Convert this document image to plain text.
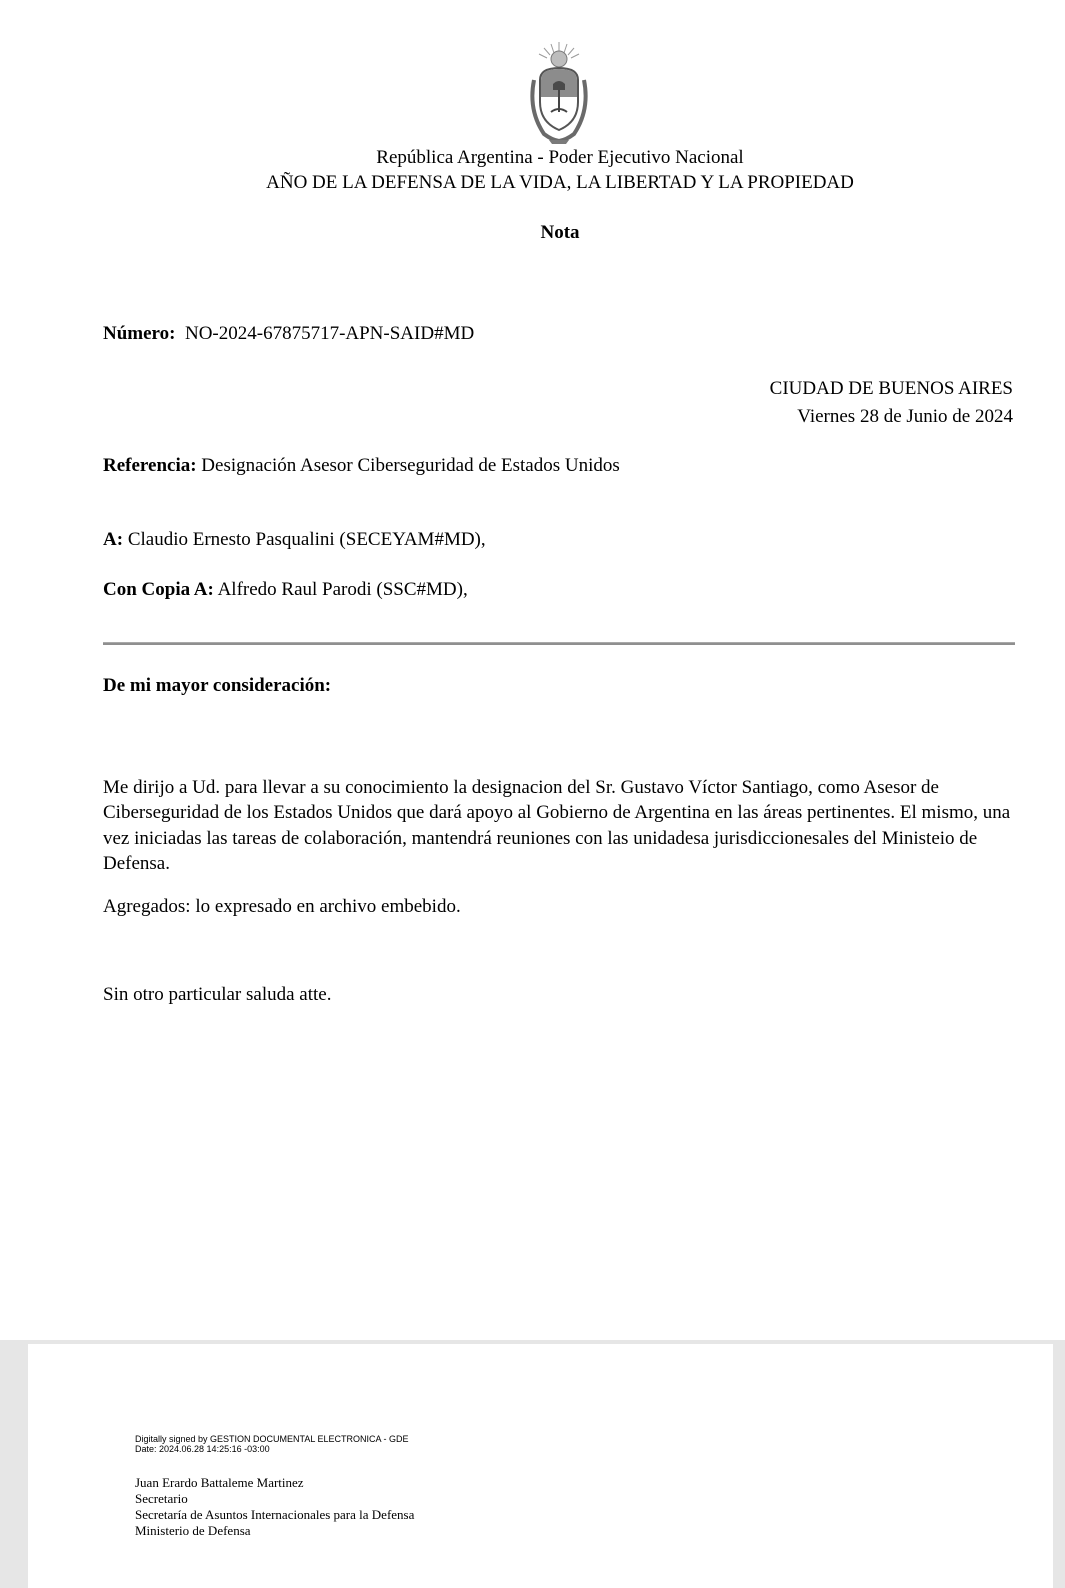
República Argentina - Poder Ejecutivo Nacional
AÑO DE LA DEFENSA DE LA VIDA, LA LIBERTAD Y LA PROPIEDAD
Nota
Número: NO-2024-67875717-APN-SAID#MD
CIUDAD DE BUENOS AIRES
Viernes 28 de Junio de 2024
Referencia: Designación Asesor Ciberseguridad de Estados Unidos
A: Claudio Ernesto Pasqualini (SECEYAM#MD),
Con Copia A: Alfredo Raul Parodi (SSC#MD),
De mi mayor consideración:

Me dirijo a Ud. para llevar a su conocimiento la designacion del Sr. Gustavo Víctor Santiago, como Asesor de Ciberseguridad de los Estados Unidos que dará apoyo al Gobierno de Argentina en las áreas pertinentes. El mismo, una vez iniciadas las tareas de colaboración, mantendrá reuniones con las unidadesa jurisdiccionesales del Ministeio de Defensa.

Agregados: lo expresado en archivo embebido.

Sin otro particular saluda atte.

Digitally signed by GESTION DOCUMENTAL ELECTRONICA - GDE
Date: 2024.06.28 14:25:16 -03:00
Juan Erardo Battaleme Martinez
Secretario
Secretaría de Asuntos Internacionales para la Defensa
Ministerio de Defensa
